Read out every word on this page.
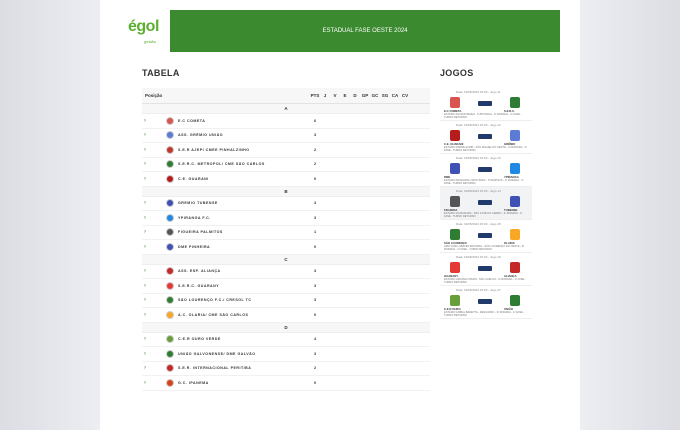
égol
gestão
ESTADUAL FASE OESTE 2024
TABELA	JOGOS
Posição	PTS J	V	E	D	GP GC SG CA CV
A
›	E.C COMETA	6
›	ASS. GRÊMIO UNIÃO	3
›	S.E.R AJEPI CMEE PINHALZINHO	2
›	S.E.R.C. METROPOL/ CME SÃO CARLOS	2
›	C.E. GUARANI	0
B
›	GREMIO TUBENSE	3
›	YPIRANGA F.C.	3
›	FIGUEIRA PALMITOS	1
›	DME PINHEIRA	0
C
›	ASS. ESP. ALIANÇA	3
›	S.E.R.C. GUARANY	3
›	SÃO LOURENÇO F.C./ CRESOL TC	3
›	A.C. OLARIA/ CME SÃO CARLOS	0
D
›	C.E.R OURO VERDE	4
›	UNIÃO GALVONENSE/ DME GALVÃO	3
›	S.E.R. INTERNACIONAL PERITIBA	2
›	G.C. IPANEMA	0
Data: 19/05/2024 15:00 - Jogo 11
E.C COMETA	S.E.R.C.
ESTÁDIO DA MONTANHA - TUPITANGA - 3ª RODADA - 1ª FASE - TURNO RETURNO
Data: 19/05/2024 15:00 - Jogo 12
C.E. GUARANI	GRÊMIO
ESTÁDIO PADRE ALMIR - SÃO MIGUEL DO OESTE - 3ª RODADA - 1ª FASE - TURNO RETURNO
Data: 19/05/2024 15:00 - Jogo 13
DME	YPIRANGA
ESTÁDIO MUNICIPAL NAVO SPEC - TUNÁPOLIS - 3ª RODADA - 1ª FASE - TURNO RETURNO
Data: 19/05/2024 15:00 - Jogo 14
FIGUEIRA	TUBENSE
ESTÁDIO DA BAIXADA - SÃO JOSÉ DO CEDRO - 3ª RODADA - 1ª FASE - TURNO RETURNO
Data: 19/05/2024 15:00 - Jogo 15
SÃO LOURENÇO	OLARIA
ARIO GÓE LUBAVES BATURAS - SÃO LOURENÇO DO OESTE - 3ª RODADA - 1ª FASE - TURNO RETURNO
Data: 19/05/2024 15:00 - Jogo 16
GUARANY	ALIANÇA
ESTÁDIO ARCANJO PASIN - SÃO CARLOS - 3ª RODADA - 1ª FASE - TURNO RETURNO
Data: 19/05/2024 15:00 - Jogo 17
C.E.R OURO	UNIÃO
ESTÁDIO ANIBAL BARETTA - DESCANSO - 3ª RODADA - 1ª FASE - TURNO RETURNO
